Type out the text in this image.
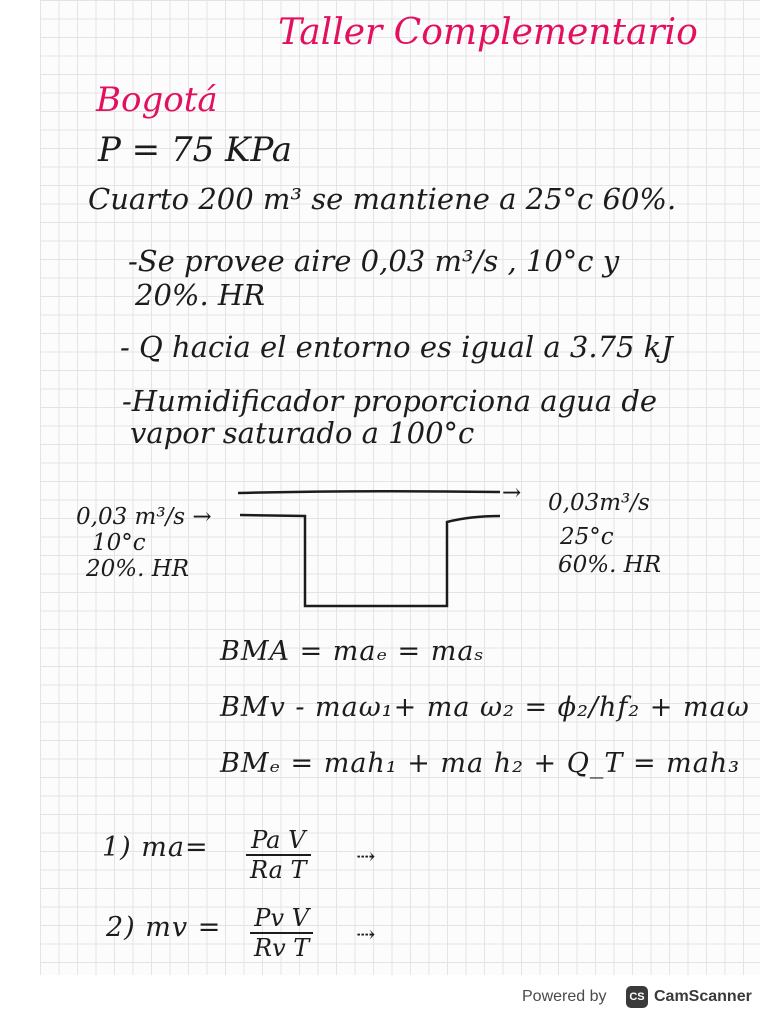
Taller Complementario
Bogotá
P = 75 KPa
Cuarto 200 m³ se mantiene a 25°c 60%.
-Se provee aire 0,03 m³/s , 10°c y
20%. HR
- Q hacia el entorno es igual a 3.75 kJ
-Humidificador proporciona agua de
vapor saturado a 100°c
0,03 m³/s →
10°c
20%. HR
→ 0,03m³/s
25°c
60%. HR
BMA = maₑ = maₛ
BMv - maω₁+ ma ω₂ = ϕ₂/hf₂ + maω
BMₑ = mah₁ + ma h₂ + Q_T = mah₃
1) $ma= \frac{\text{Pa V}}{\text{Ra T}}$ ⇢
2) mv = $\frac{\text{Pv V}}{\text{Rv T}}$ ⇢
Powered by	CS CamScanner
